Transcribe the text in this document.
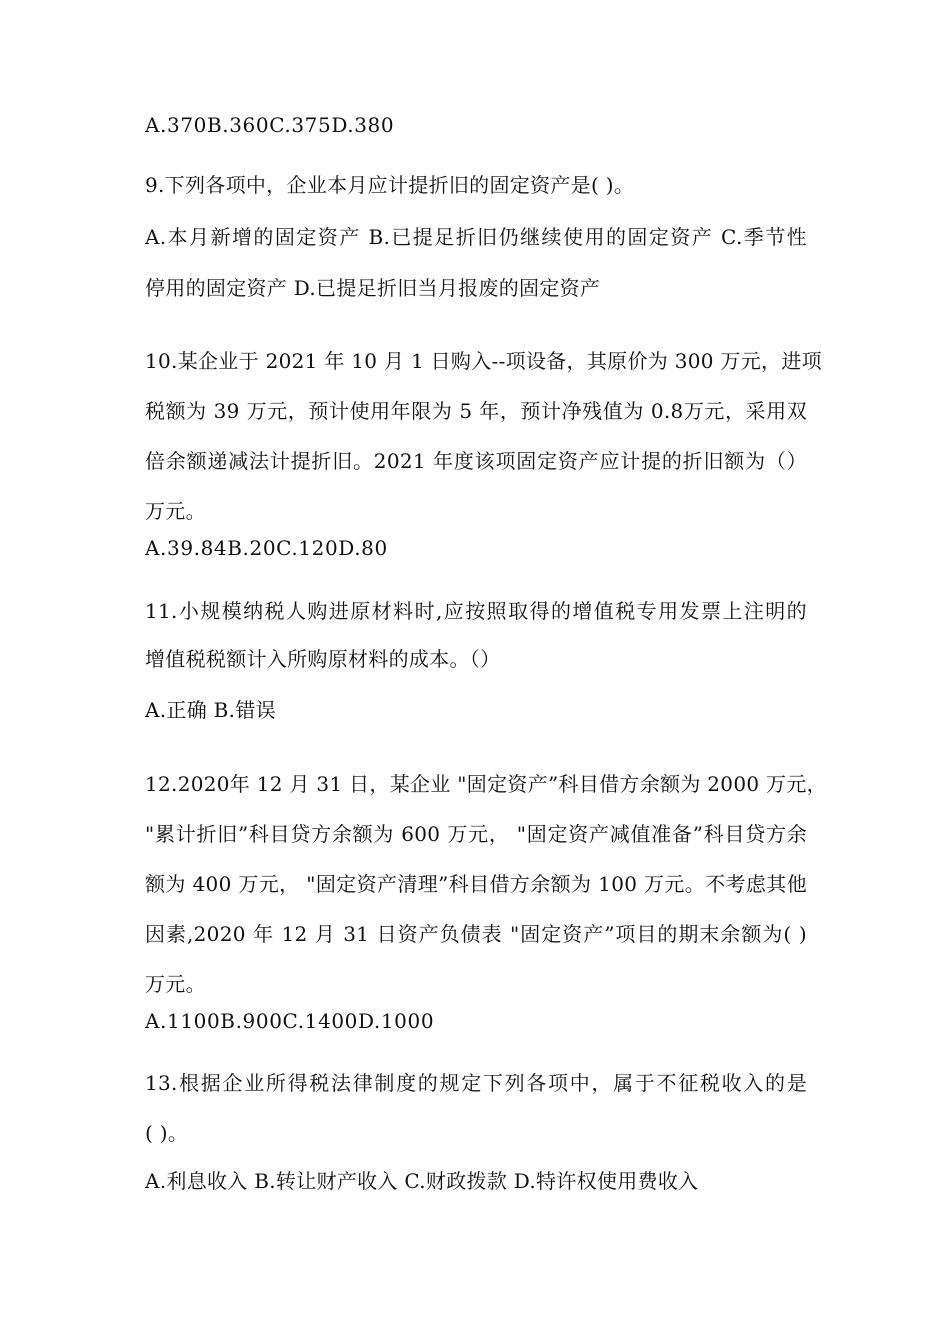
A.370B.360C.375D.380
9.下列各项中，企业本月应计提折旧的固定资产是( )。
A.本月新增的固定资产 B.已提足折旧仍继续使用的固定资产 C.季节性
停用的固定资产 D.已提足折旧当月报废的固定资产
10.某企业于 2021 年 10 月 1 日购入--项设备，其原价为 300 万元，进项
税额为 39 万元，预计使用年限为 5 年，预计净残值为 0.8万元，采用双
倍余额递减法计提折旧。2021 年度该项固定资产应计提的折旧额为（）
万元。
A.39.84B.20C.120D.80
11.小规模纳税人购进原材料时,应按照取得的增值税专用发票上注明的
增值税税额计入所购原材料的成本。（）
A.正确 B.错误
12.2020年 12 月 31 日，某企业 "固定资产”科目借方余额为 2000 万元，
"累计折旧”科目贷方余额为 600 万元， "固定资产减值准备”科目贷方余
额为 400 万元， "固定资产清理”科目借方余额为 100 万元。不考虑其他
因素,2020 年 12 月 31 日资产负债表 "固定资产”项目的期末余额为( )
万元。
A.1100B.900C.1400D.1000
13.根据企业所得税法律制度的规定下列各项中，属于不征税收入的是
( )。
A.利息收入 B.转让财产收入 C.财政拨款 D.特许权使用费收入
